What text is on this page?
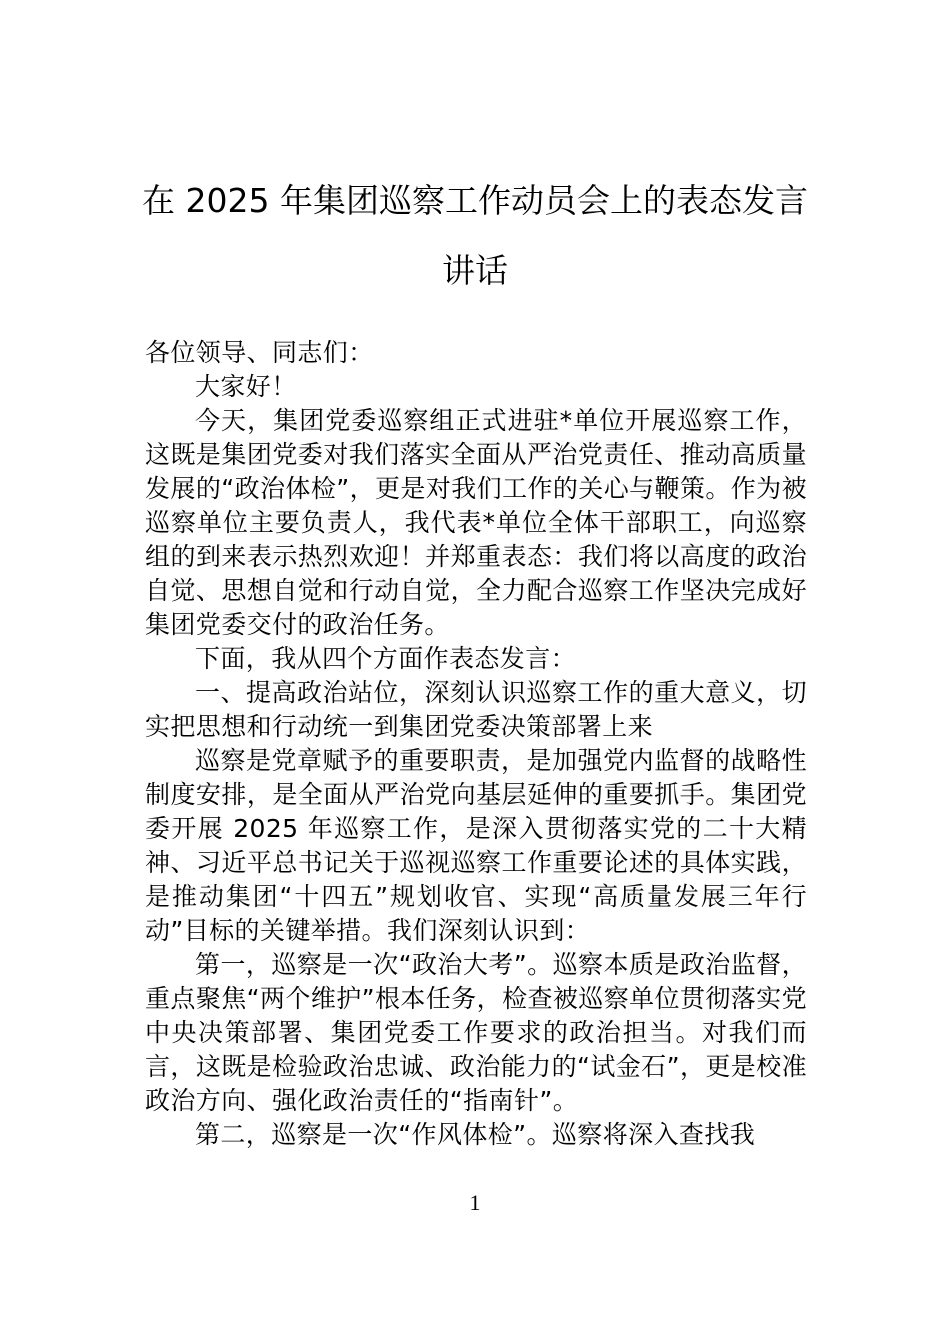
在 2025 年集团巡察工作动员会上的表态发言讲话

各位领导、同志们：

大家好！

今天，集团党委巡察组正式进驻*单位开展巡察工作，这既是集团党委对我们落实全面从严治党责任、推动高质量发展的“政治体检”，更是对我们工作的关心与鞭策。作为被巡察单位主要负责人，我代表*单位全体干部职工，向巡察组的到来表示热烈欢迎！并郑重表态：我们将以高度的政治自觉、思想自觉和行动自觉，全力配合巡察工作坚决完成好集团党委交付的政治任务。

下面，我从四个方面作表态发言：

一、提高政治站位，深刻认识巡察工作的重大意义，切实把思想和行动统一到集团党委决策部署上来

巡察是党章赋予的重要职责，是加强党内监督的战略性制度安排，是全面从严治党向基层延伸的重要抓手。集团党委开展 2025 年巡察工作，是深入贯彻落实党的二十大精神、习近平总书记关于巡视巡察工作重要论述的具体实践，是推动集团“十四五”规划收官、实现“高质量发展三年行动”目标的关键举措。我们深刻认识到：

第一，巡察是一次“政治大考”。巡察本质是政治监督，重点聚焦“两个维护”根本任务，检查被巡察单位贯彻落实党中央决策部署、集团党委工作要求的政治担当。对我们而言，这既是检验政治忠诚、政治能力的“试金石”，更是校准政治方向、强化政治责任的“指南针”。

第二，巡察是一次“作风体检”。巡察将深入查找我

1
